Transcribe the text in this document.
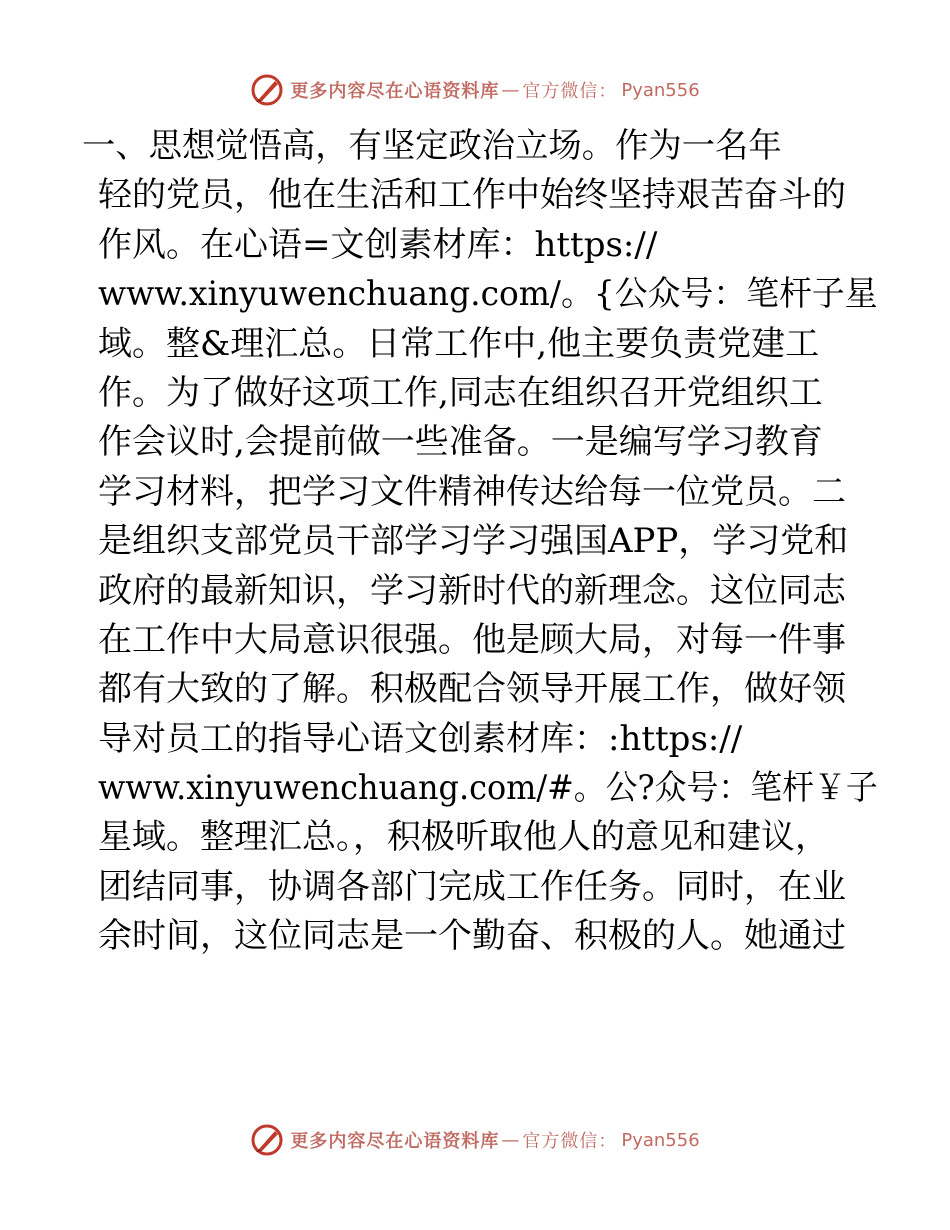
更多内容尽在心语资料库 — 官方微信： Pyan556
一、思想觉悟高，有坚定政治立场。作为一名年
轻的党员，他在生活和工作中始终坚持艰苦奋斗的
作风。在心语=文创素材库：https://
www.xinyuwenchuang.com/。{公众号：笔杆子星
域。整&理汇总。日常工作中,他主要负责党建工
作。为了做好这项工作,同志在组织召开党组织工
作会议时,会提前做一些准备。一是编写学习教育
学习材料，把学习文件精神传达给每一位党员。二
是组织支部党员干部学习学习强国APP，学习党和
政府的最新知识，学习新时代的新理念。这位同志
在工作中大局意识很强。他是顾大局，对每一件事
都有大致的了解。积极配合领导开展工作，做好领
导对员工的指导心语文创素材库：:https://
www.xinyuwenchuang.com/#。公?众号：笔杆￥子
星域。整理汇总。，积极听取他人的意见和建议，
团结同事，协调各部门完成工作任务。同时，在业
余时间，这位同志是一个勤奋、积极的人。她通过
更多内容尽在心语资料库 — 官方微信： Pyan556
